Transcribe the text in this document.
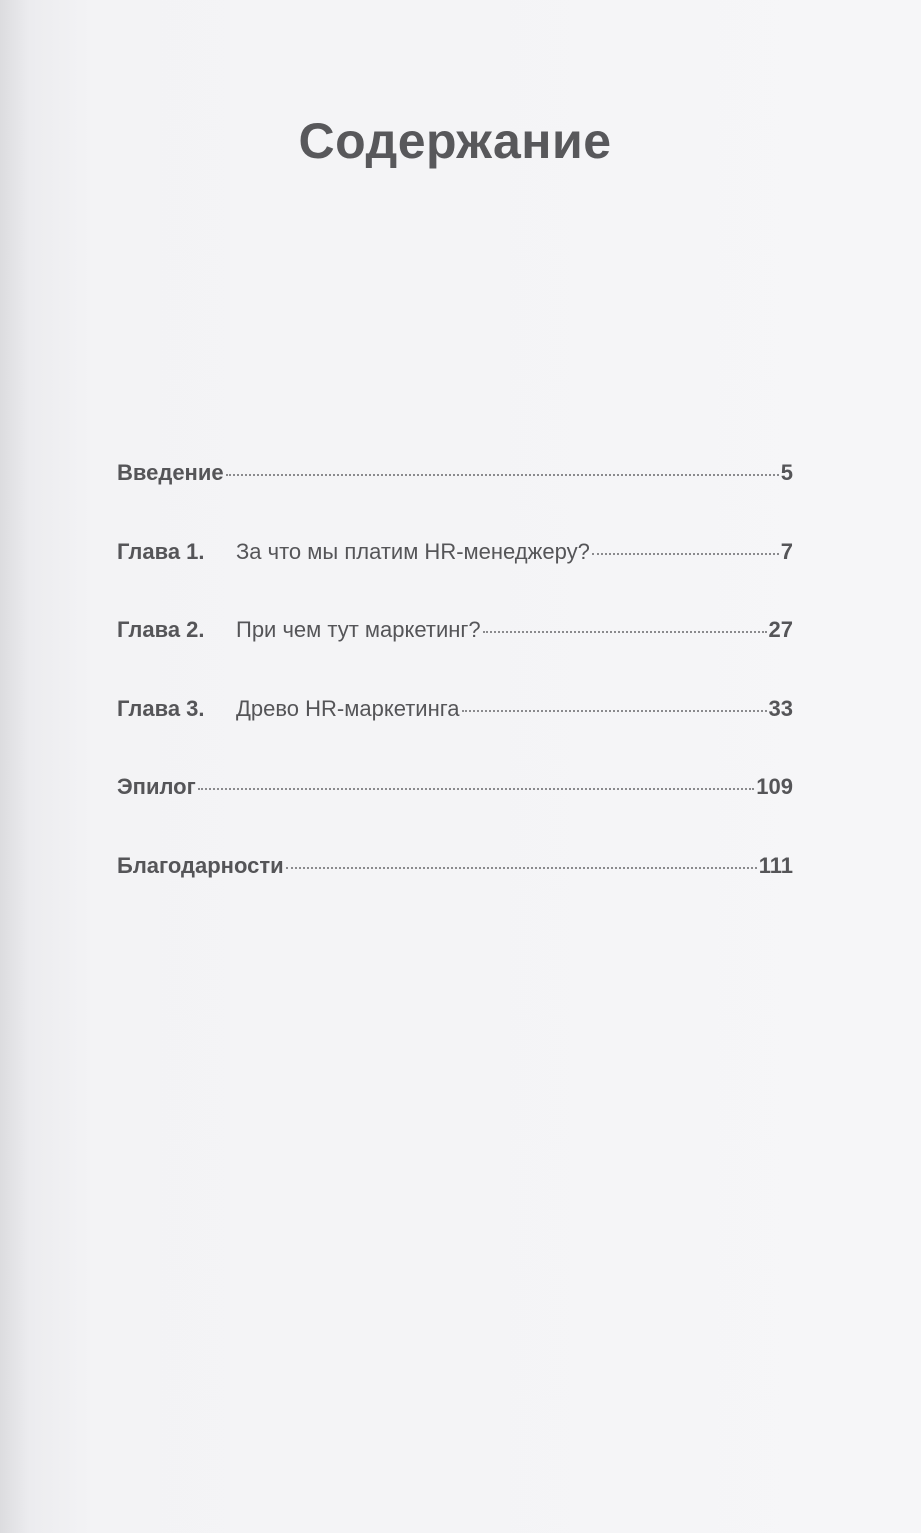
Содержание
Введение	5
Глава 1.	За что мы платим HR-менеджеру?	7
Глава 2.	При чем тут маркетинг?	27
Глава 3.	Древо HR-маркетинга	33
Эпилог	109
Благодарности	111
